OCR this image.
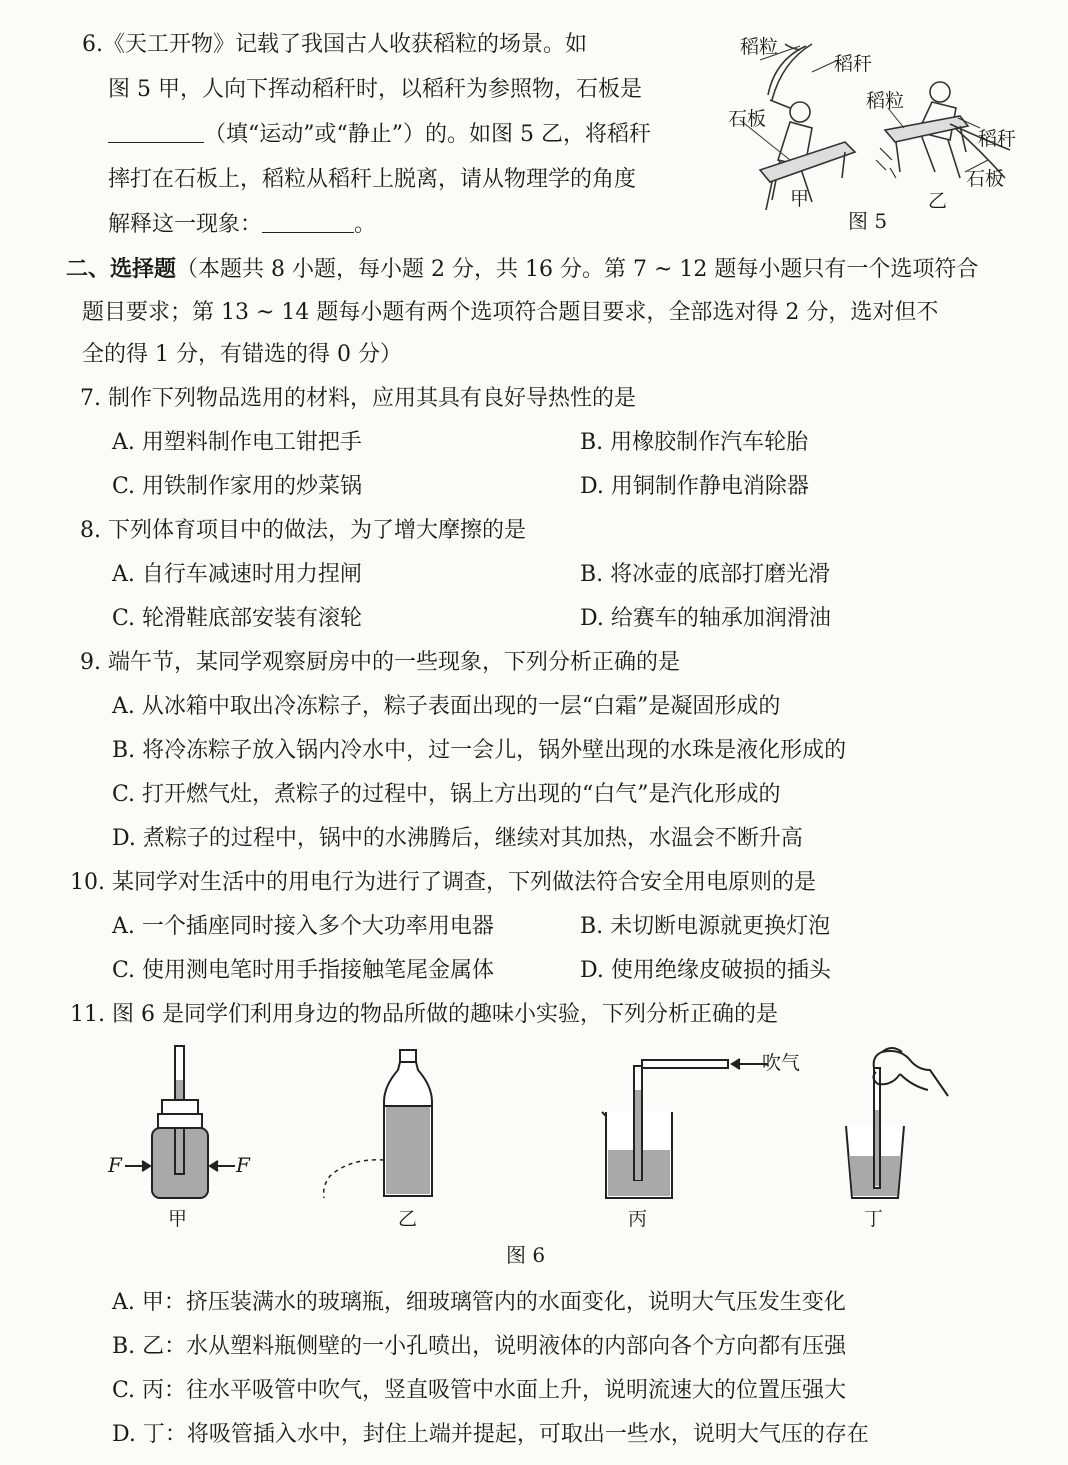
6.《天工开物》记载了我国古人收获稻粒的场景。如
图 5 甲，人向下挥动稻秆时，以稻秆为参照物，石板是
（填“运动”或“静止”）的。如图 5 乙，将稻秆
摔打在石板上，稻粒从稻秆上脱离，请从物理学的角度
解释这一现象：	。
稻粒
稻秆
石板
稻粒
稻秆
石板
甲	乙
图 5
二、选择题（本题共 8 小题，每小题 2 分，共 16 分。第 7 ~ 12 题每小题只有一个选项符合
题目要求；第 13 ~ 14 题每小题有两个选项符合题目要求，全部选对得 2 分，选对但不
全的得 1 分，有错选的得 0 分）
7. 制作下列物品选用的材料，应用其具有良好导热性的是
A. 用塑料制作电工钳把手	B. 用橡胶制作汽车轮胎
C. 用铁制作家用的炒菜锅	D. 用铜制作静电消除器
8. 下列体育项目中的做法，为了增大摩擦的是
A. 自行车减速时用力捏闸	B. 将冰壶的底部打磨光滑
C. 轮滑鞋底部安装有滚轮	D. 给赛车的轴承加润滑油
9. 端午节，某同学观察厨房中的一些现象，下列分析正确的是
A. 从冰箱中取出冷冻粽子，粽子表面出现的一层“白霜”是凝固形成的
B. 将冷冻粽子放入锅内冷水中，过一会儿，锅外壁出现的水珠是液化形成的
C. 打开燃气灶，煮粽子的过程中，锅上方出现的“白气”是汽化形成的
D. 煮粽子的过程中，锅中的水沸腾后，继续对其加热，水温会不断升高
10. 某同学对生活中的用电行为进行了调查，下列做法符合安全用电原则的是
A. 一个插座同时接入多个大功率用电器	B. 未切断电源就更换灯泡
C. 使用测电笔时用手指接触笔尾金属体	D. 使用绝缘皮破损的插头
11. 图 6 是同学们利用身边的物品所做的趣味小实验，下列分析正确的是
F	F
吹气
甲	乙	丙	丁
图 6
A. 甲：挤压装满水的玻璃瓶，细玻璃管内的水面变化，说明大气压发生变化
B. 乙：水从塑料瓶侧壁的一小孔喷出，说明液体的内部向各个方向都有压强
C. 丙：往水平吸管中吹气，竖直吸管中水面上升，说明流速大的位置压强大
D. 丁：将吸管插入水中，封住上端并提起，可取出一些水，说明大气压的存在
